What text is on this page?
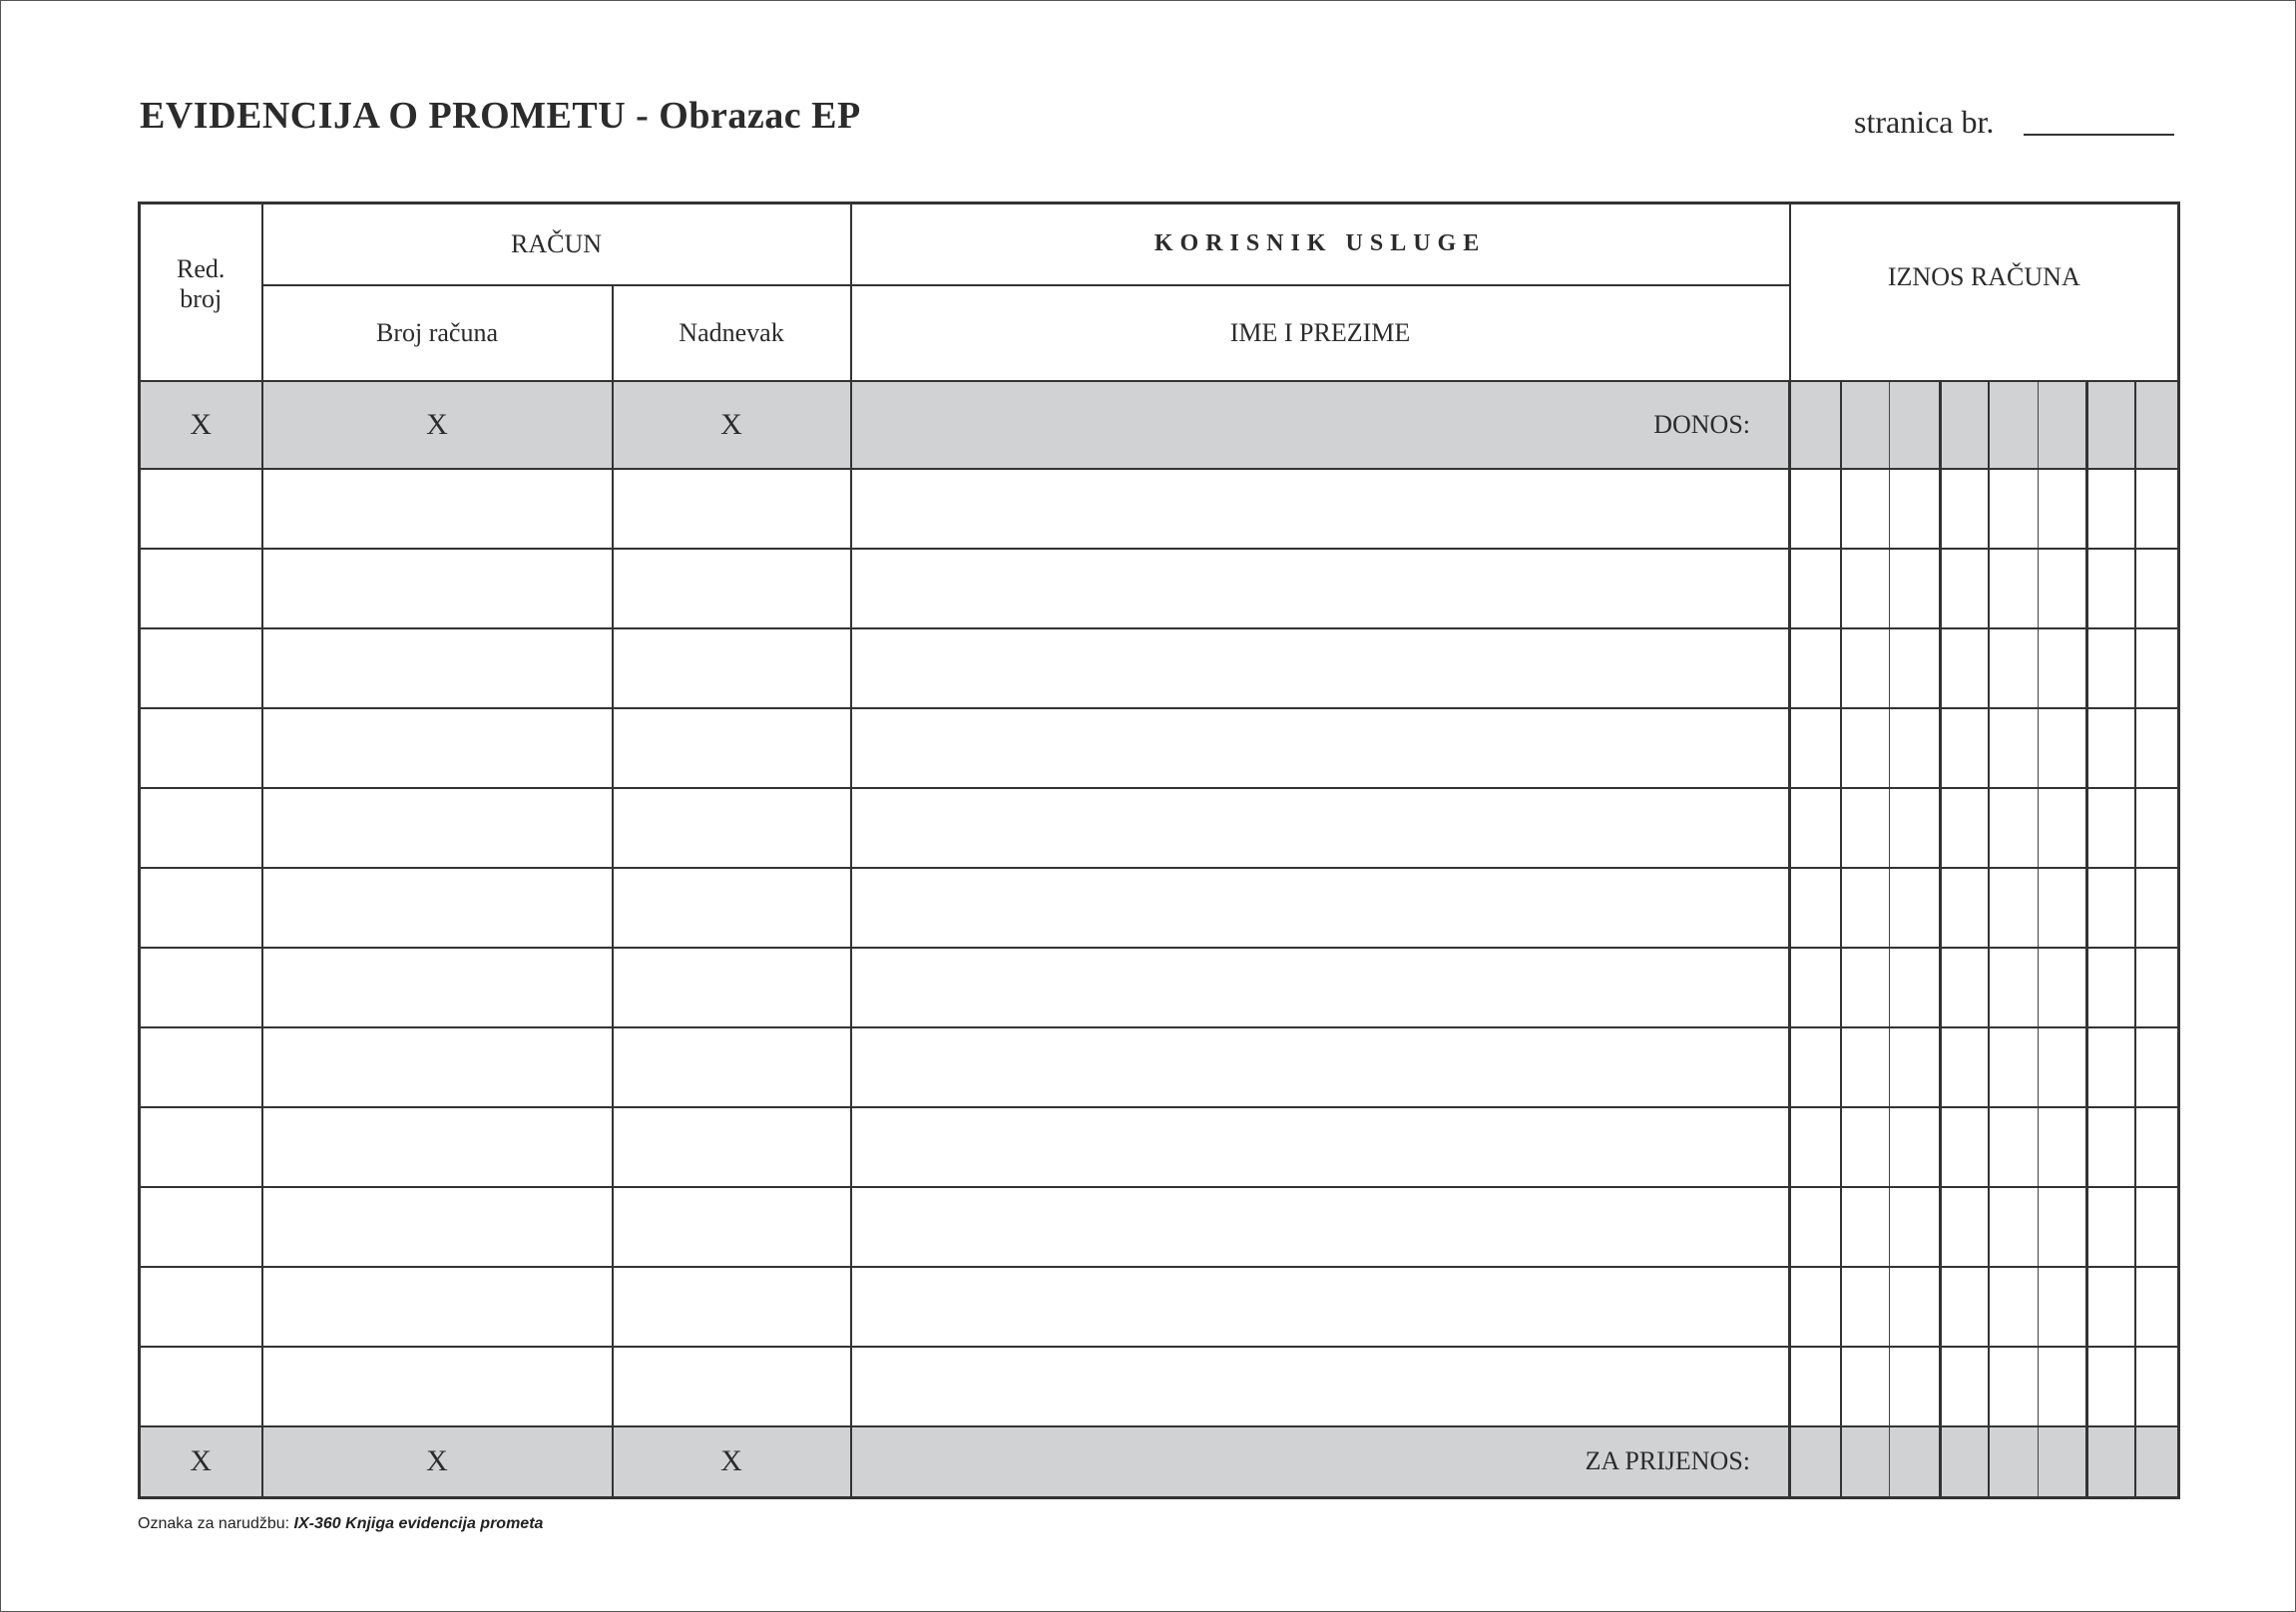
EVIDENCIJA O PROMETU - Obrazac EP	stranica br.
Red. broj	RAČUN		KORISNIK USLUGE	IZNOS RAČUNA							
	Broj računa	Nadnevak	IME I PREZIME								
X	X	X	DONOS:								

X	X	X	ZA PRIJENOS:								
Oznaka za narudžbu: IX-360 Knjiga evidencija prometa
